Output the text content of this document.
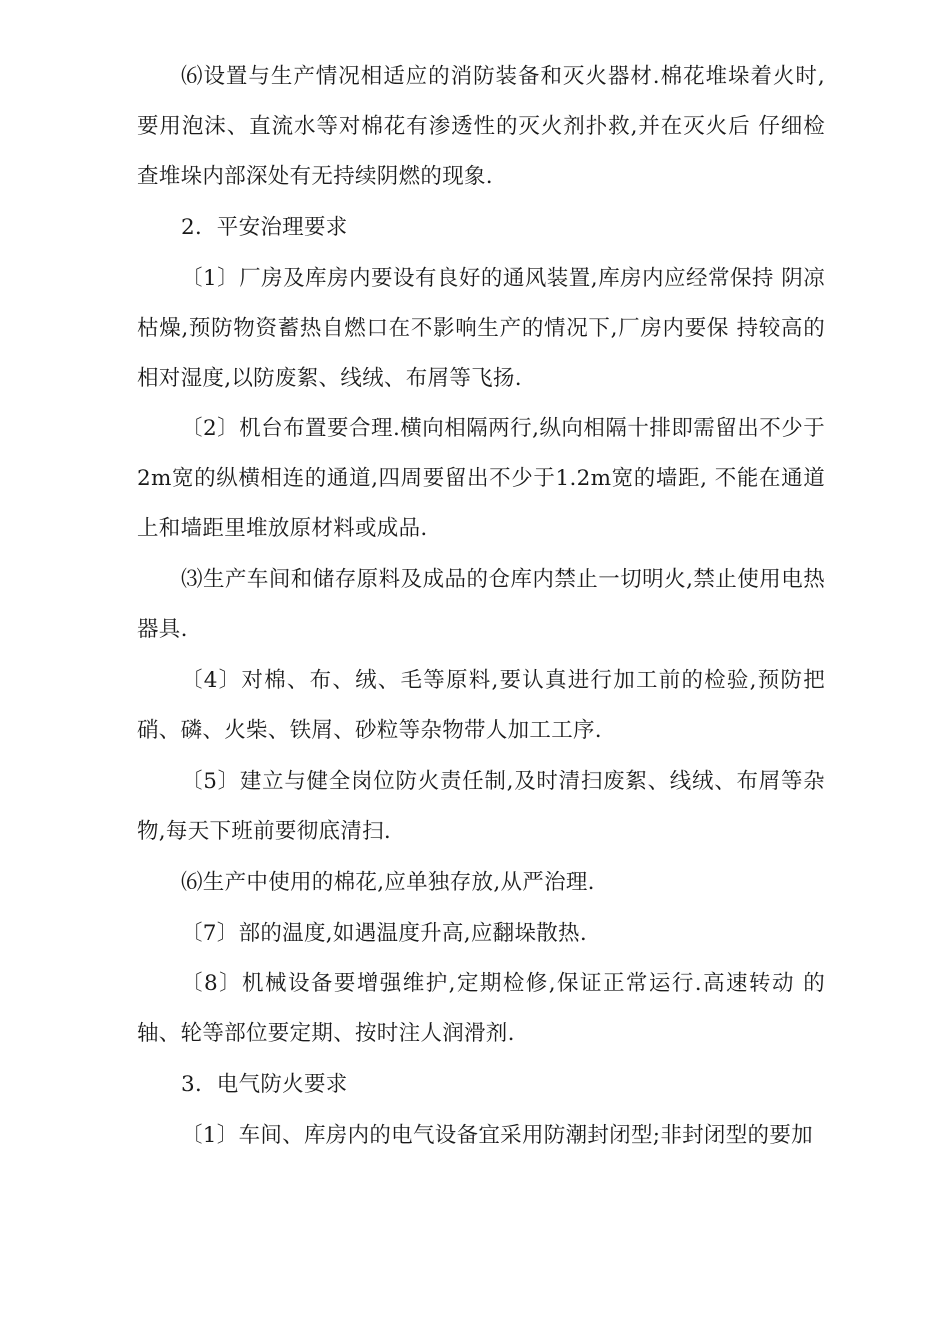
⑹设置与生产情况相适应的消防装备和灭火器材.棉花堆垛着火时,要用泡沫、直流水等对棉花有渗透性的灭火剂扑救,并在灭火后 仔细检查堆垛内部深处有无持续阴燃的现象.

2．平安治理要求

〔1〕厂房及库房内要设有良好的通风装置,库房内应经常保持 阴凉枯燥,预防物资蓄热自燃口在不影响生产的情况下,厂房内要保 持较高的相对湿度,以防废絮、线绒、布屑等飞扬.

〔2〕机台布置要合理.横向相隔两行,纵向相隔十排即需留出不少于2m宽的纵横相连的通道,四周要留出不少于1.2m宽的墙距, 不能在通道上和墙距里堆放原材料或成品.

⑶生产车间和储存原料及成品的仓库内禁止一切明火,禁止使用电热器具.

〔4〕对棉、布、绒、毛等原料,要认真进行加工前的检验,预防把硝、磷、火柴、铁屑、砂粒等杂物带人加工工序.

〔5〕建立与健全岗位防火责任制,及时清扫废絮、线绒、布屑等杂物,每天下班前要彻底清扫.

⑹生产中使用的棉花,应单独存放,从严治理.

〔7〕部的温度,如遇温度升高,应翻垛散热.

〔8〕机械设备要增强维护,定期检修,保证正常运行.高速转动 的轴、轮等部位要定期、按时注人润滑剂.

3．电气防火要求

〔1〕车间、库房内的电气设备宜采用防潮封闭型;非封闭型的要加
